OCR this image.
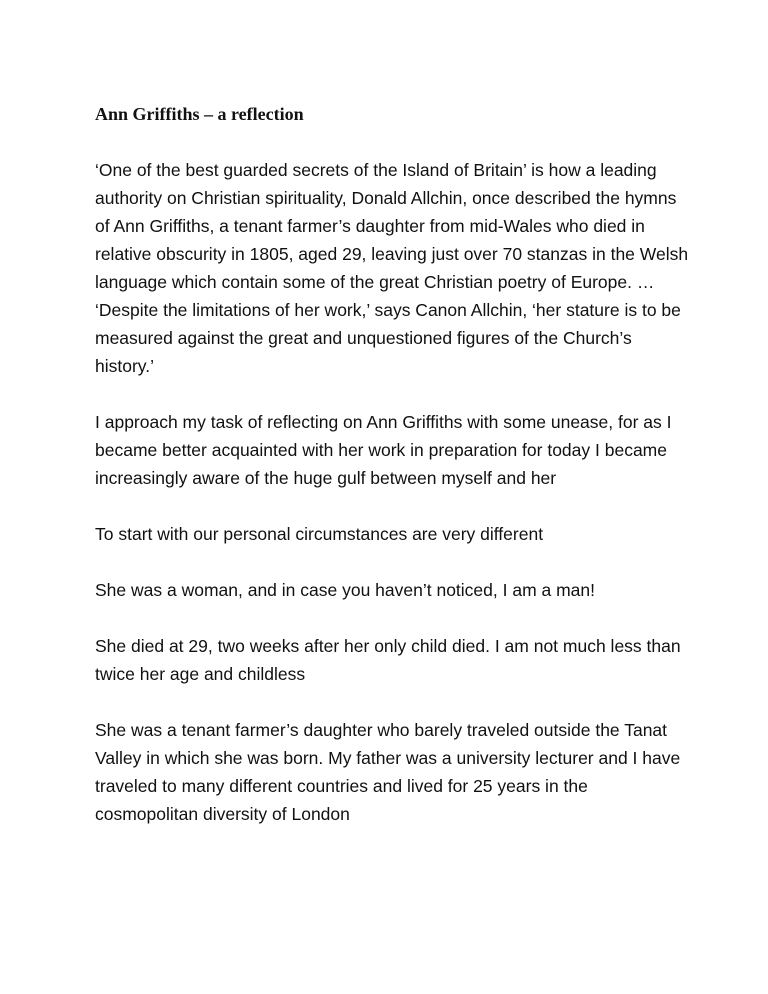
Ann Griffiths – a reflection

‘One of the best guarded secrets of the Island of Britain’ is how a leading authority on Christian spirituality, Donald Allchin, once described the hymns of Ann Griffiths, a tenant farmer’s daughter from mid-Wales who died in relative obscurity in 1805, aged 29, leaving just over 70 stanzas in the Welsh language which contain some of the great Christian poetry of Europe. … ‘Despite the limitations of her work,’ says Canon Allchin, ‘her stature is to be measured against the great and unquestioned figures of the Church’s history.’

I approach my task of reflecting on Ann Griffiths with some unease, for as I became better acquainted with her work in preparation for today I became increasingly aware of the huge gulf between myself and her

To start with our personal circumstances are very different

She was a woman, and in case you haven’t noticed, I am a man!

She died at 29, two weeks after her only child died. I am not much less than twice her age and childless

She was a tenant farmer’s daughter who barely traveled outside the Tanat Valley in which she was born. My father was a university lecturer and I have traveled to many different countries and lived for 25 years in the cosmopolitan diversity of London
